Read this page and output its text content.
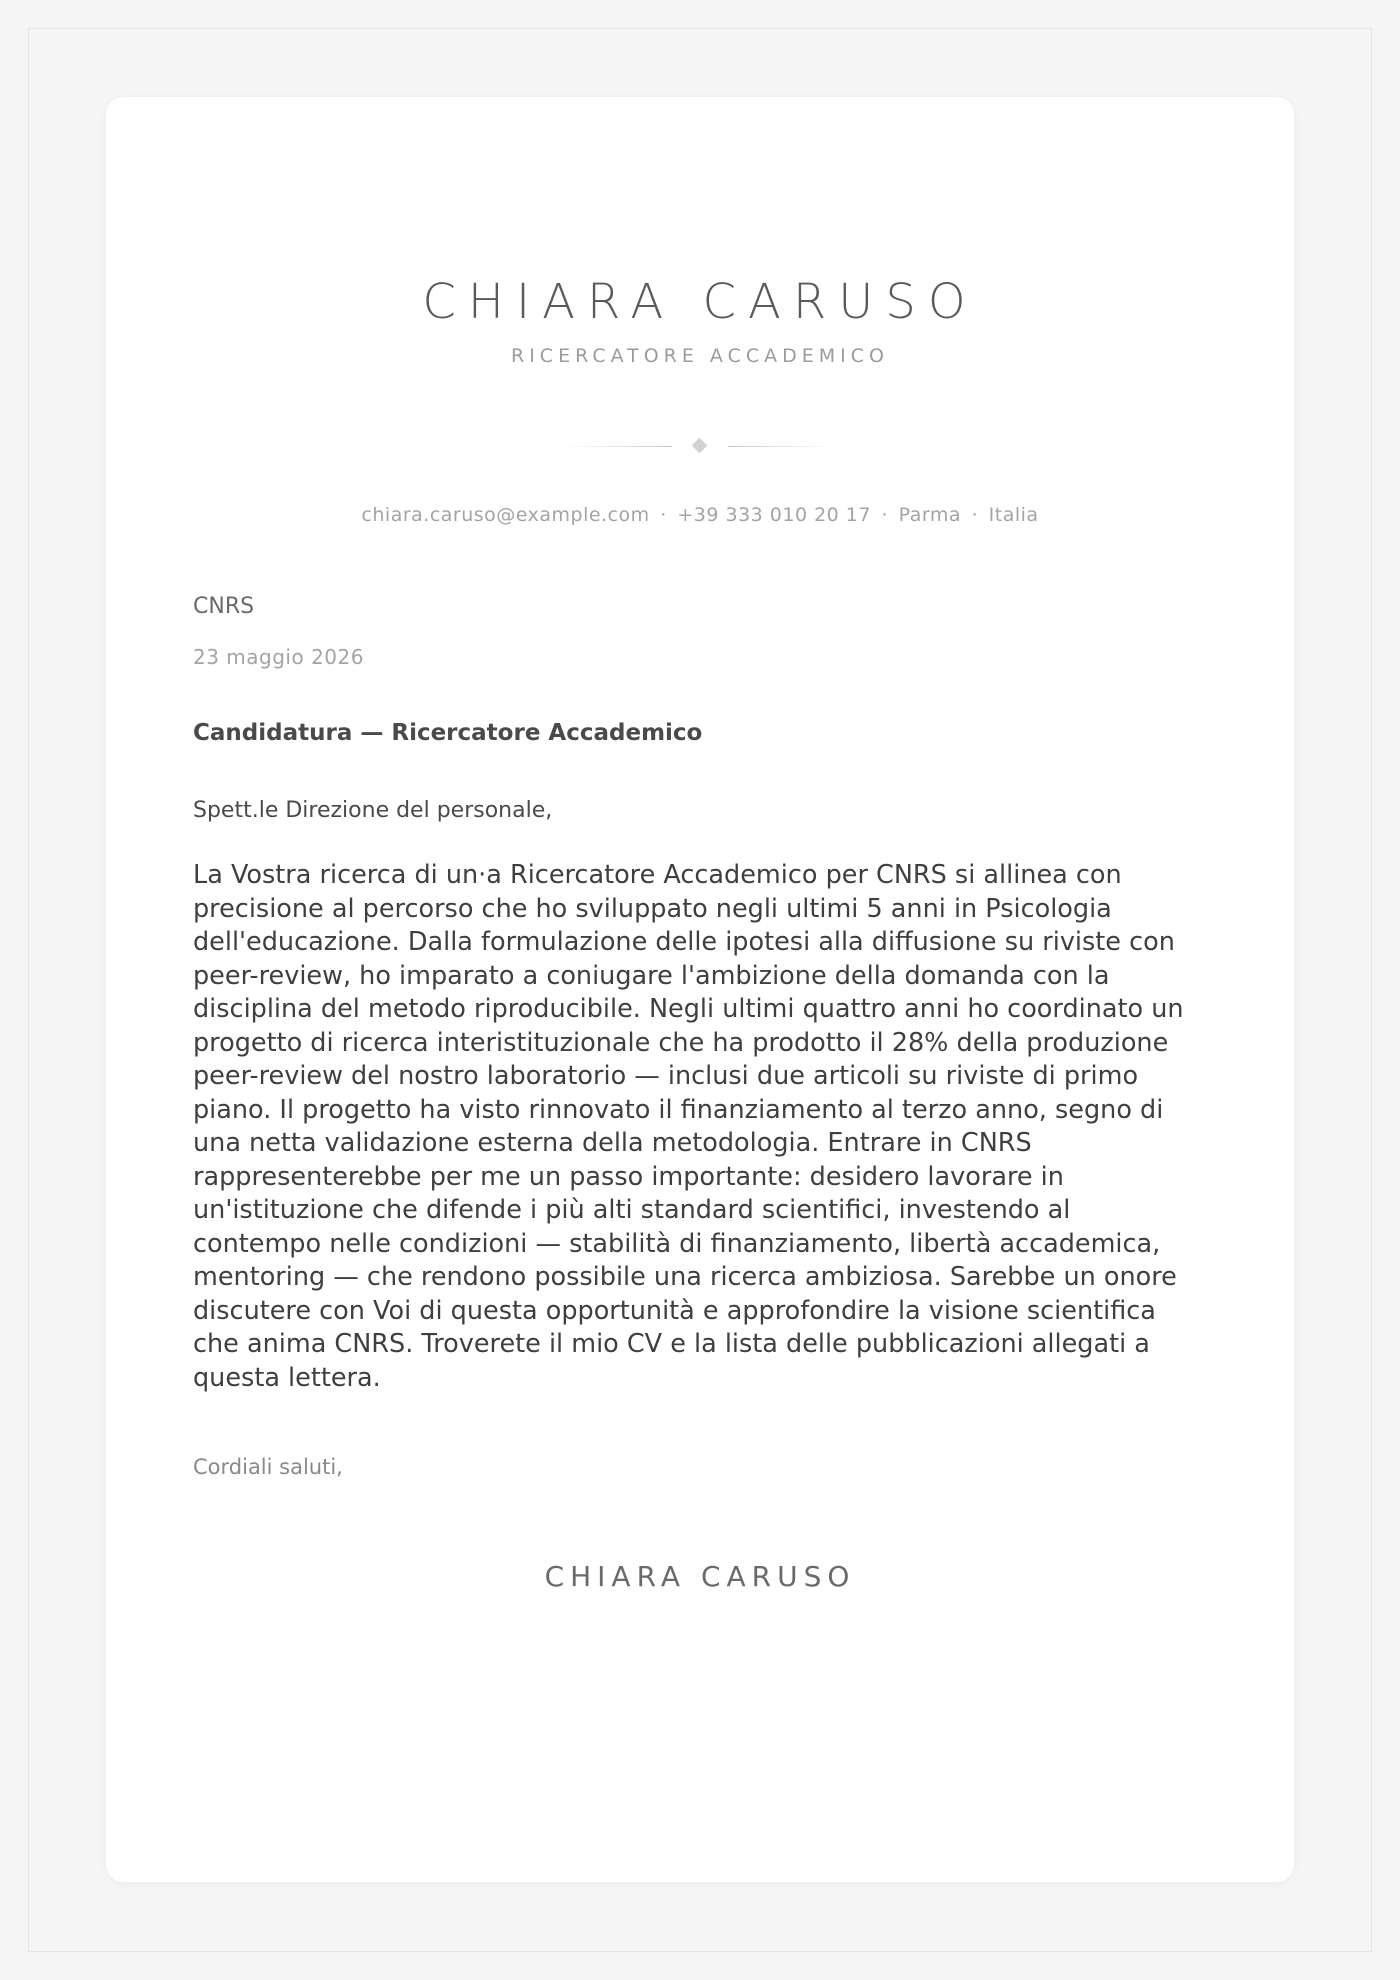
CHIARA CARUSO
RICERCATORE ACCADEMICO
chiara.caruso@example.com · +39 333 010 20 17 · Parma · Italia
CNRS
23 maggio 2026
Candidatura — Ricercatore Accademico
Spett.le Direzione del personale,

La Vostra ricerca di un·a Ricercatore Accademico per CNRS si allinea con precisione al percorso che ho sviluppato negli ultimi 5 anni in Psicologia dell'educazione. Dalla formulazione delle ipotesi alla diffusione su riviste con peer-review, ho imparato a coniugare l'ambizione della domanda con la disciplina del metodo riproducibile. Negli ultimi quattro anni ho coordinato un progetto di ricerca interistituzionale che ha prodotto il 28% della produzione peer-review del nostro laboratorio — inclusi due articoli su riviste di primo piano. Il progetto ha visto rinnovato il finanziamento al terzo anno, segno di una netta validazione esterna della metodologia. Entrare in CNRS rappresenterebbe per me un passo importante: desidero lavorare in un'istituzione che difende i più alti standard scientifici, investendo al contempo nelle condizioni — stabilità di finanziamento, libertà accademica, mentoring — che rendono possibile una ricerca ambiziosa. Sarebbe un onore discutere con Voi di questa opportunità e approfondire la visione scientifica che anima CNRS. Troverete il mio CV e la lista delle pubblicazioni allegati a questa lettera.

Cordiali saluti,
CHIARA CARUSO
